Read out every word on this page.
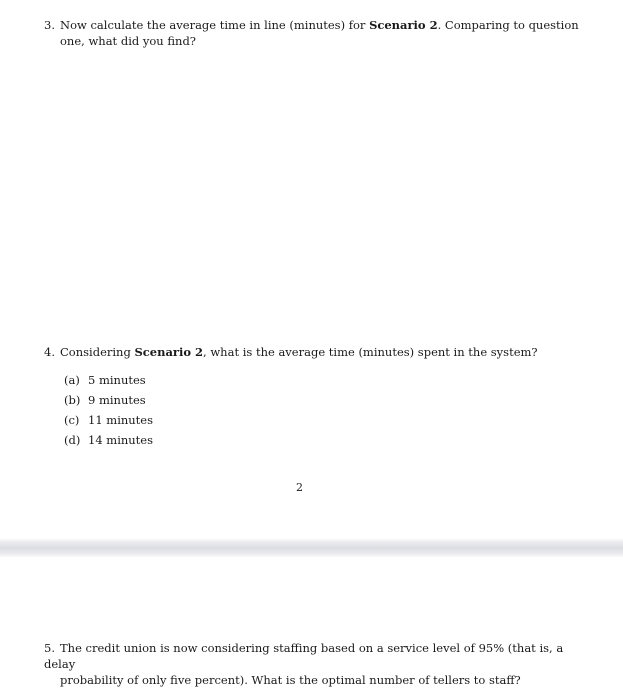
3. Now calculate the average time in line (minutes) for Scenario 2. Comparing to question
one, what did you find?
4. Considering Scenario 2, what is the average time (minutes) spent in the system?
(a) 5 minutes
(b) 9 minutes
(c) 11 minutes
(d) 14 minutes
2
5. The credit union is now considering staffing based on a service level of 95% (that is, a delay
probability of only five percent). What is the optimal number of tellers to staff?
